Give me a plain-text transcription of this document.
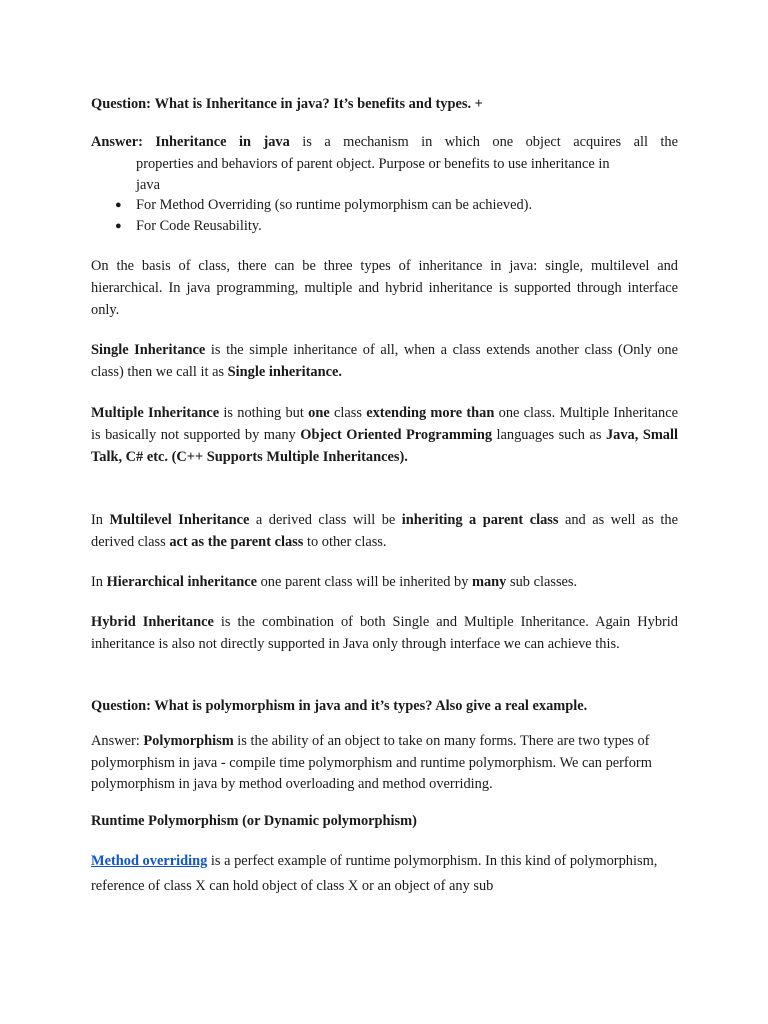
Question: What is Inheritance in java? It’s benefits and types. +

Answer: Inheritance in java is a mechanism in which one object acquires all the

properties and behaviors of parent object. Purpose or benefits to use inheritance in

java

● For Method Overriding (so runtime polymorphism can be achieved).
● For Code Reusability.

On the basis of class, there can be three types of inheritance in java: single, multilevel and hierarchical. In java programming, multiple and hybrid inheritance is supported through interface only.

Single Inheritance is the simple inheritance of all, when a class extends another class (Only one class) then we call it as Single inheritance.

Multiple Inheritance is nothing but one class extending more than one class. Multiple Inheritance is basically not supported by many Object Oriented Programming languages such as Java, Small Talk, C# etc. (C++ Supports Multiple Inheritances).

In Multilevel Inheritance a derived class will be inheriting a parent class and as well as the derived class act as the parent class to other class.

In Hierarchical inheritance one parent class will be inherited by many sub classes.

Hybrid Inheritance is the combination of both Single and Multiple Inheritance. Again Hybrid inheritance is also not directly supported in Java only through interface we can achieve this.

Question: What is polymorphism in java and it’s types? Also give a real example.

Answer: Polymorphism is the ability of an object to take on many forms. There are two types of polymorphism in java - compile time polymorphism and runtime polymorphism. We can perform polymorphism in java by method overloading and method overriding.

Runtime Polymorphism (or Dynamic polymorphism)

Method overriding is a perfect example of runtime polymorphism. In this kind of polymorphism, reference of class X can hold object of class X or an object of any sub
